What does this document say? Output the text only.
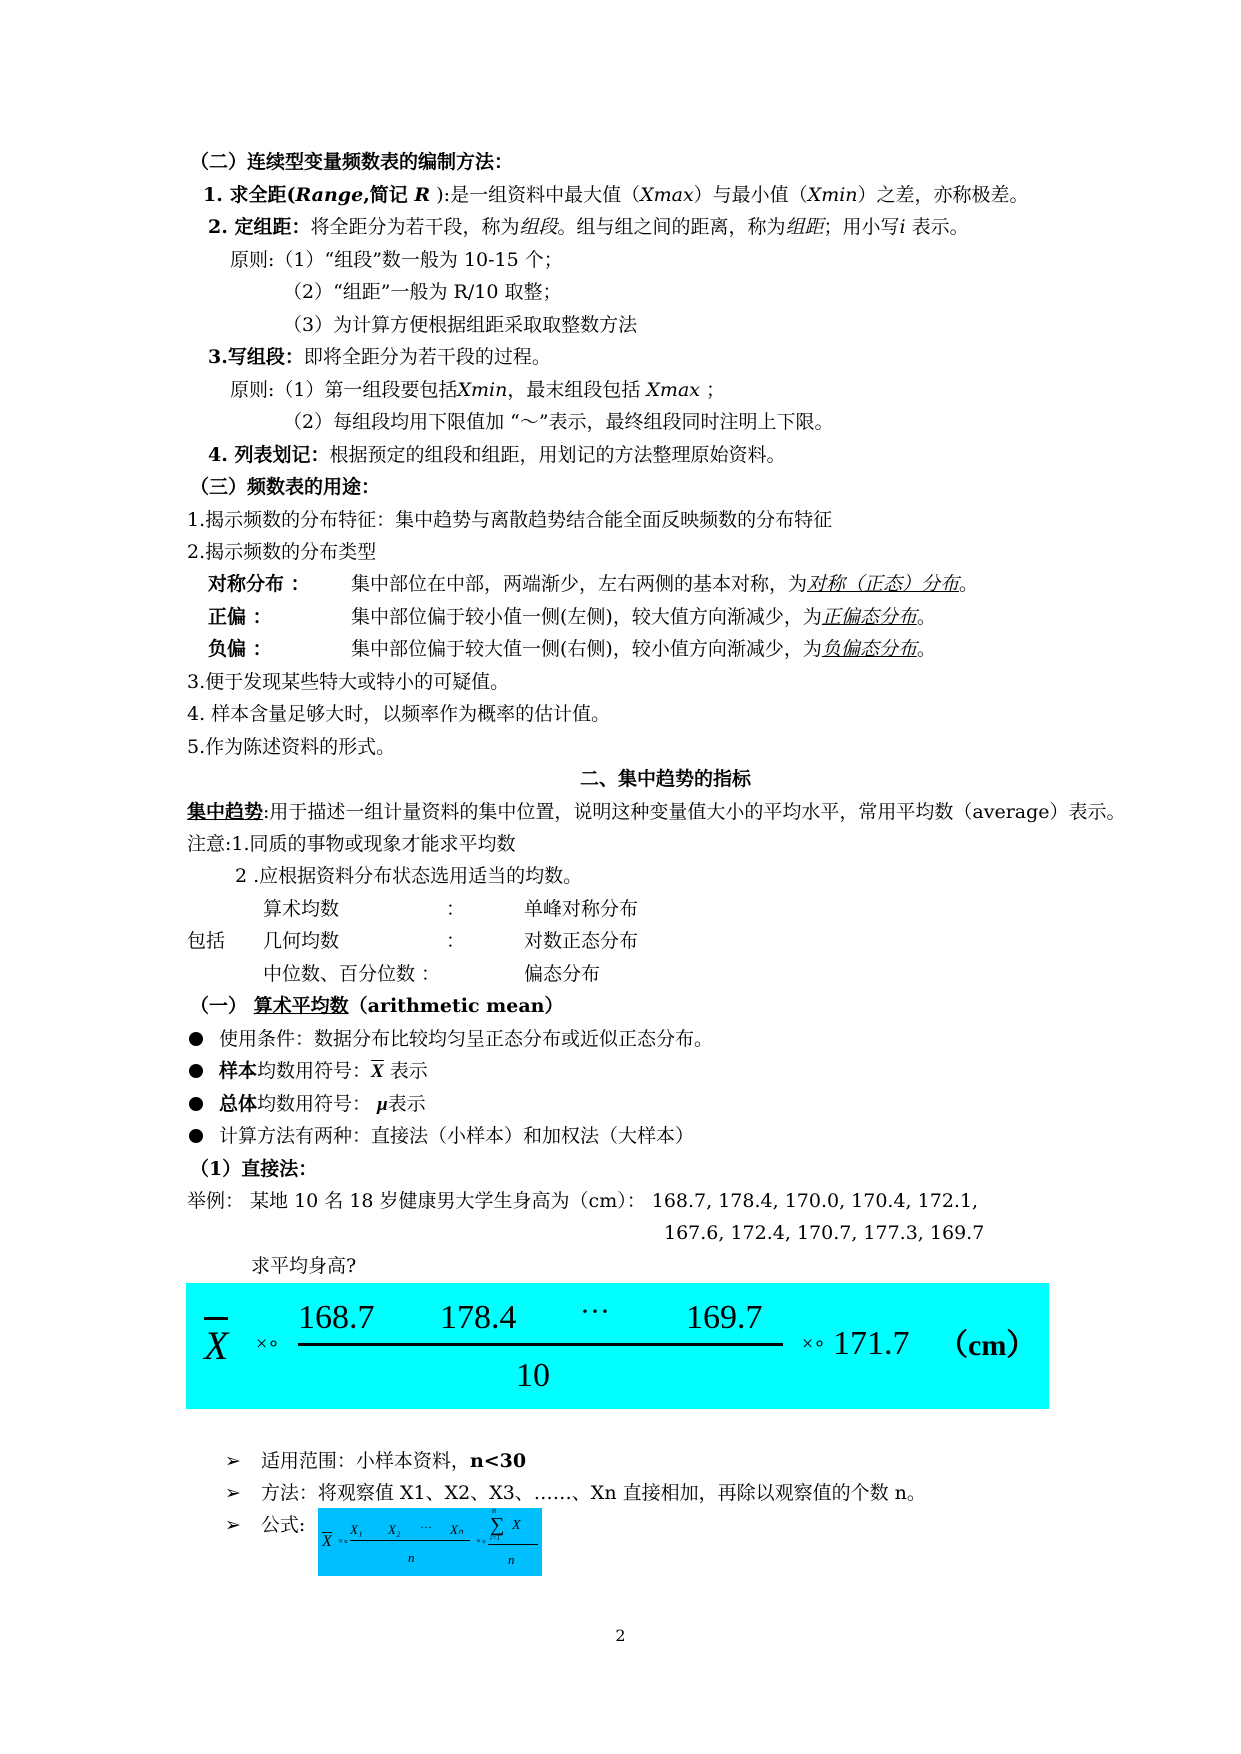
（二）连续型变量频数表的编制方法：
1. 求全距(Range,简记 R ):是一组资料中最大值（Xmax）与最小值（Xmin）之差，亦称极差。
2. 定组距：将全距分为若干段，称为组段。组与组之间的距离，称为组距；用小写i 表示。
原则:（1）“组段”数一般为 10-15 个；
（2）“组距”一般为 R/10 取整；
（3）为计算方便根据组距采取取整数方法
3.写组段：即将全距分为若干段的过程。
原则:（1）第一组段要包括Xmin，最末组段包括 Xmax ；
（2）每组段均用下限值加 “～”表示，最终组段同时注明上下限。
4. 列表划记：根据预定的组段和组距，用划记的方法整理原始资料。
（三）频数表的用途：
1.揭示频数的分布特征：集中趋势与离散趋势结合能全面反映频数的分布特征
2.揭示频数的分布类型
对称分布 ： 集中部位在中部，两端渐少，左右两侧的基本对称，为对称（正态）分布。
正偏 ：	集中部位偏于较小值一侧(左侧)，较大值方向渐减少，为正偏态分布。
负偏 ：	集中部位偏于较大值一侧(右侧)，较小值方向渐减少，为负偏态分布。
3.便于发现某些特大或特小的可疑值。
4. 样本含量足够大时，以频率作为概率的估计值。
5.作为陈述资料的形式。
二、集中趋势的指标
集中趋势:用于描述一组计量资料的集中位置，说明这种变量值大小的平均水平，常用平均数（average）表示。
注意:1.同质的事物或现象才能求平均数
2 .应根据资料分布状态选用适当的均数。
算术均数	：	单峰对称分布
包括 几何均数	：	对数正态分布
中位数、百分位数 ：	偏态分布
（一） 算术平均数（arithmetic mean）
使用条件：数据分布比较均匀呈正态分布或近似正态分布。
样本均数用符号：$\overline{X}$ 表示
总体均数用符号： μ表示
计算方法有两种：直接法（小样本）和加权法（大样本）
（1）直接法：
举例： 某地 10 名 18 岁健康男大学生身高为（cm）： 168.7, 178.4, 170.0, 170.4, 172.1,
167.6, 172.4, 170.7, 177.3, 169.7
求平均身高?
X ×∘
168.7 178.4 ··· 169.7
10
×∘ 171.7 （cm）
➢ 适用范围：小样本资料，n<30
➢ 方法：将观察值 X1、X2、X3、……、Xn 直接相加，再除以观察值的个数 n。
➢ 公式:
X ×∘
X₁ X₂ ··· Xₙ
n
×∘
n
∑
i=1
X
n
2
